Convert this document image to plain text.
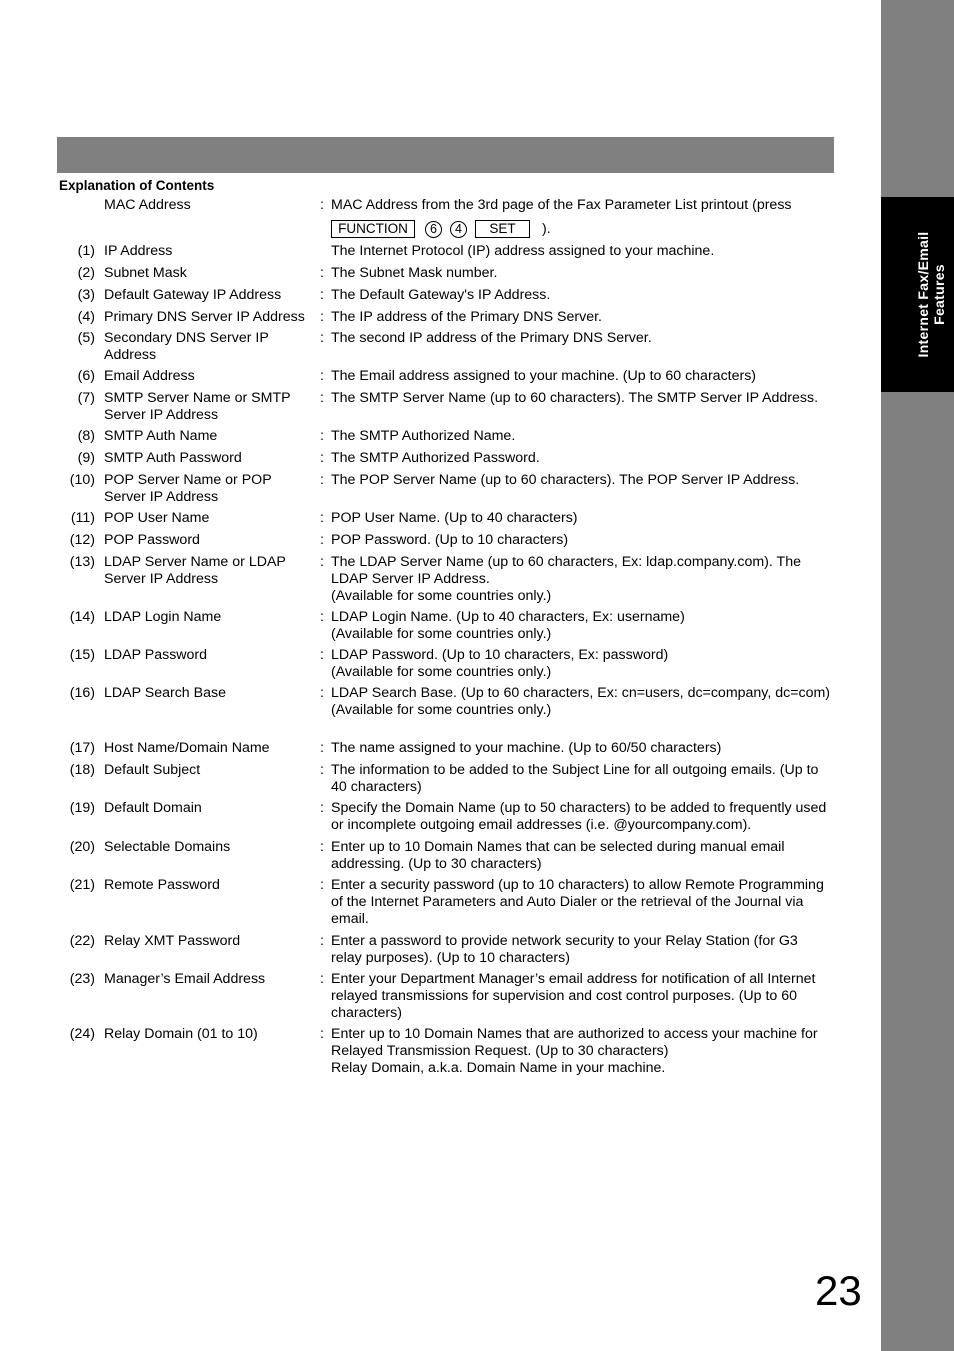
Internet Fax/Email Features
Explanation of Contents
MAC Address	: MAC Address from the 3rd page of the Fax Parameter List printout (press
FUNCTION	6	4	SET	).
(1) IP Address	The Internet Protocol (IP) address assigned to your machine.
(2) Subnet Mask	: The Subnet Mask number.
(3) Default Gateway IP Address	: The Default Gateway's IP Address.
(4) Primary DNS Server IP Address	: The IP address of the Primary DNS Server.
(5) Secondary DNS Server IP Address
: The second IP address of the Primary DNS Server.
(6) Email Address	: The Email address assigned to your machine. (Up to 60 characters)
(7) SMTP Server Name or SMTP Server IP Address
: The SMTP Server Name (up to 60 characters). The SMTP Server IP Address.
(8) SMTP Auth Name	: The SMTP Authorized Name.
(9) SMTP Auth Password	: The SMTP Authorized Password.
(10) POP Server Name or POP Server IP Address
: The POP Server Name (up to 60 characters). The POP Server IP Address.
(11) POP User Name	: POP User Name. (Up to 40 characters)
(12) POP Password	: POP Password. (Up to 10 characters)
(13) LDAP Server Name or LDAP Server IP Address
: The LDAP Server Name (up to 60 characters, Ex: ldap.company.com). The LDAP Server IP Address.
(Available for some countries only.)
(14) LDAP Login Name	: LDAP Login Name. (Up to 40 characters, Ex: username)
(Available for some countries only.)
(15) LDAP Password	: LDAP Password. (Up to 10 characters, Ex: password)
(Available for some countries only.)
(16) LDAP Search Base	: LDAP Search Base. (Up to 60 characters, Ex: cn=users, dc=company, dc=com)
(Available for some countries only.)
(17) Host Name/Domain Name	: The name assigned to your machine. (Up to 60/50 characters)
(18) Default Subject	: The information to be added to the Subject Line for all outgoing emails. (Up to 40 characters)
(19) Default Domain	: Specify the Domain Name (up to 50 characters) to be added to frequently used or incomplete outgoing email addresses (i.e. @yourcompany.com).
(20) Selectable Domains	: Enter up to 10 Domain Names that can be selected during manual email addressing. (Up to 30 characters)
(21) Remote Password	: Enter a security password (up to 10 characters) to allow Remote Programming of the Internet Parameters and Auto Dialer or the retrieval of the Journal via email.
(22) Relay XMT Password	: Enter a password to provide network security to your Relay Station (for G3 relay purposes). (Up to 10 characters)
(23) Manager’s Email Address	: Enter your Department Manager’s email address for notification of all Internet relayed transmissions for supervision and cost control purposes. (Up to 60 characters)
(24) Relay Domain (01 to 10)	: Enter up to 10 Domain Names that are authorized to access your machine for Relayed Transmission Request. (Up to 30 characters)
Relay Domain, a.k.a. Domain Name in your machine.
23
